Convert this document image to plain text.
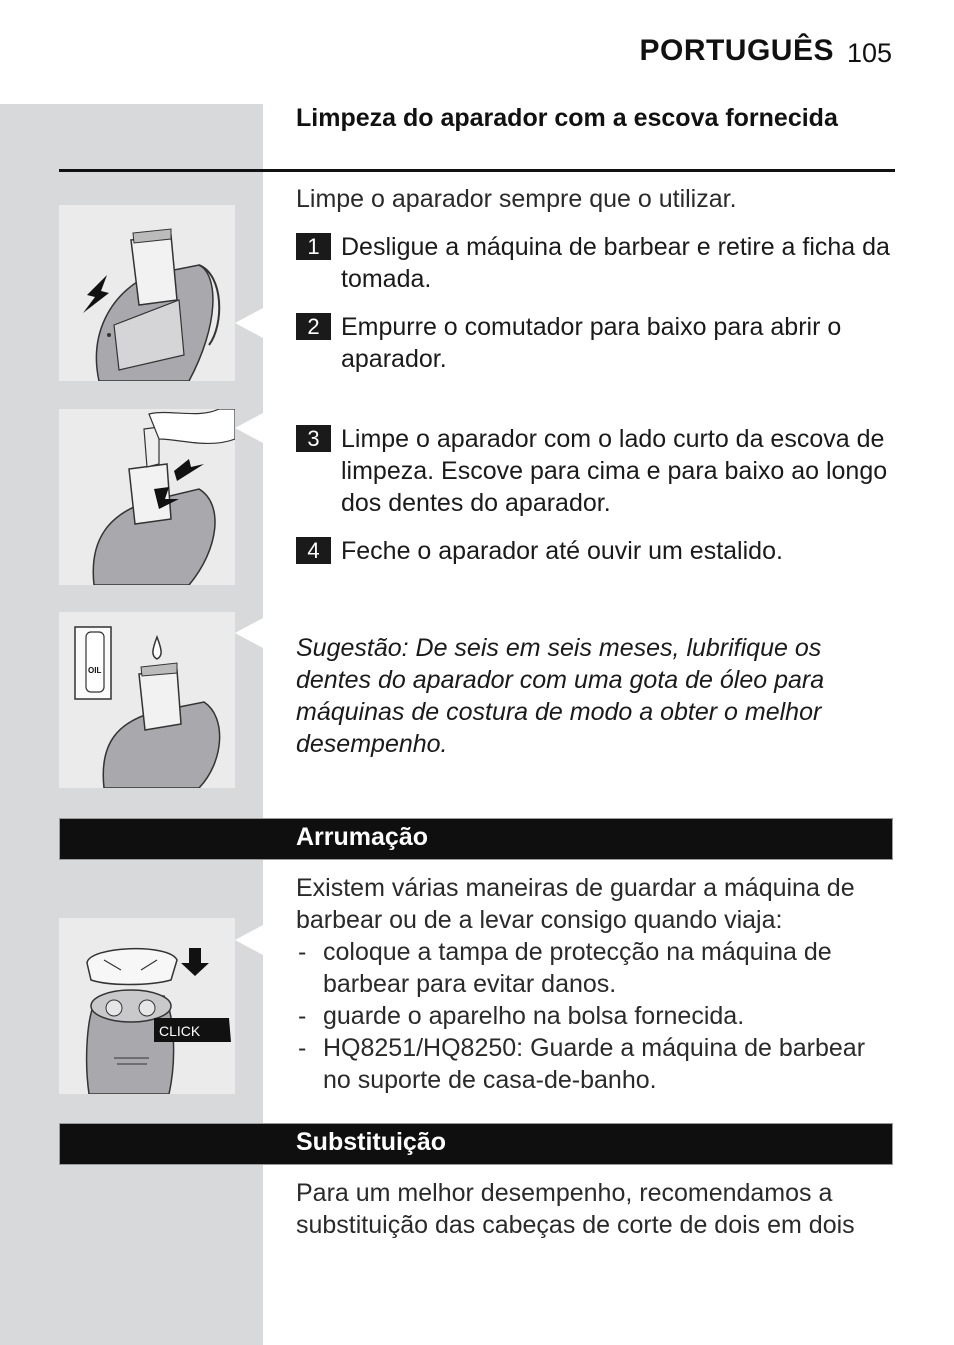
PORTUGUÊS 105
Limpeza do aparador com a escova fornecida
Limpe o aparador sempre que o utilizar.
1 Desligue a máquina de barbear e retire a ficha da tomada.
2 Empurre o comutador para baixo para abrir o aparador.
3 Limpe o aparador com o lado curto da escova de limpeza. Escove para cima e para baixo ao longo dos dentes do aparador.
4 Feche o aparador até ouvir um estalido.
Sugestão: De seis em seis meses, lubrifique os dentes do aparador com uma gota de óleo para máquinas de costura de modo a obter o melhor desempenho.
OIL
Arrumação
Existem várias maneiras de guardar a máquina de barbear ou de a levar consigo quando viaja:
- coloque a tampa de protecção na máquina de barbear para evitar danos.
- guarde o aparelho na bolsa fornecida.
- HQ8251/HQ8250: Guarde a máquina de barbear no suporte de casa-de-banho.
CLICK
Substituição
Para um melhor desempenho, recomendamos a substituição das cabeças de corte de dois em dois
